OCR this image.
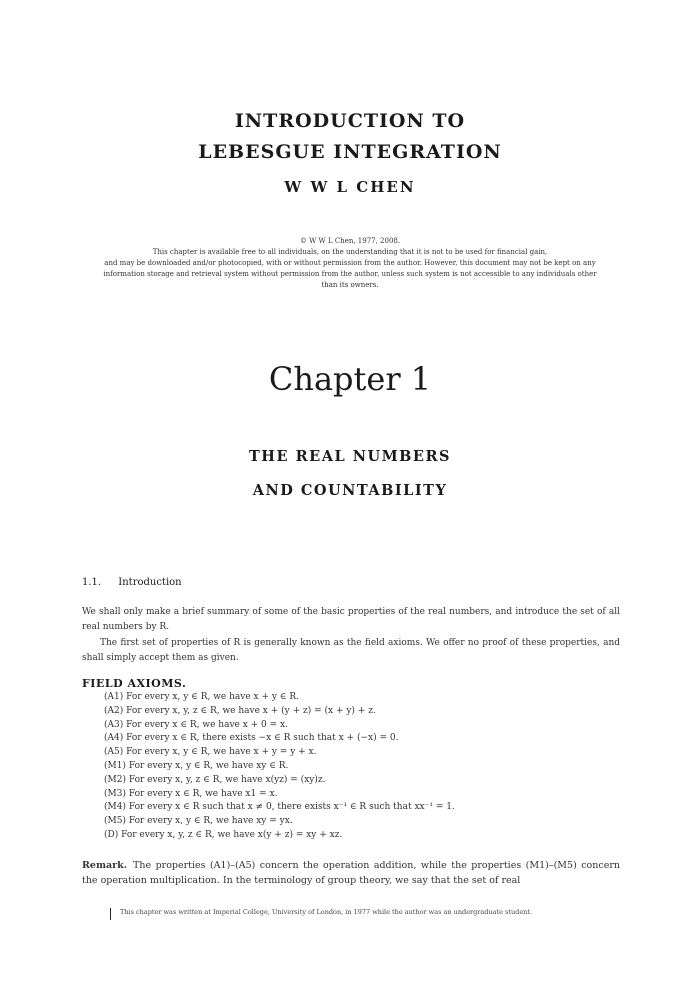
INTRODUCTION TO
LEBESGUE INTEGRATION
W W L CHEN
© W W L Chen, 1977, 2008.
This chapter is available free to all individuals, on the understanding that it is not to be used for financial gain,
and may be downloaded and/or photocopied, with or without permission from the author. However, this document may not be kept on any information storage and retrieval system without permission from the author, unless such system is not accessible to any individuals other than its owners.
Chapter 1
THE REAL NUMBERS
AND COUNTABILITY
1.1. Introduction
We shall only make a brief summary of some of the basic properties of the real numbers, and introduce the set of all real numbers by R.
The first set of properties of R is generally known as the field axioms. We offer no proof of these properties, and shall simply accept them as given.
FIELD AXIOMS.
(A1) For every x, y ∈ R, we have x + y ∈ R.
(A2) For every x, y, z ∈ R, we have x + (y + z) = (x + y) + z.
(A3) For every x ∈ R, we have x + 0 = x.
(A4) For every x ∈ R, there exists −x ∈ R such that x + (−x) = 0.
(A5) For every x, y ∈ R, we have x + y = y + x.
(M1) For every x, y ∈ R, we have xy ∈ R.
(M2) For every x, y, z ∈ R, we have x(yz) = (xy)z.
(M3) For every x ∈ R, we have x1 = x.
(M4) For every x ∈ R such that x ≠ 0, there exists x⁻¹ ∈ R such that xx⁻¹ = 1.
(M5) For every x, y ∈ R, we have xy = yx.
(D) For every x, y, z ∈ R, we have x(y + z) = xy + xz.
Remark. The properties (A1)–(A5) concern the operation addition, while the properties (M1)–(M5) concern the operation multiplication. In the terminology of group theory, we say that the set of real
This chapter was written at Imperial College, University of London, in 1977 while the author was an undergraduate student.
